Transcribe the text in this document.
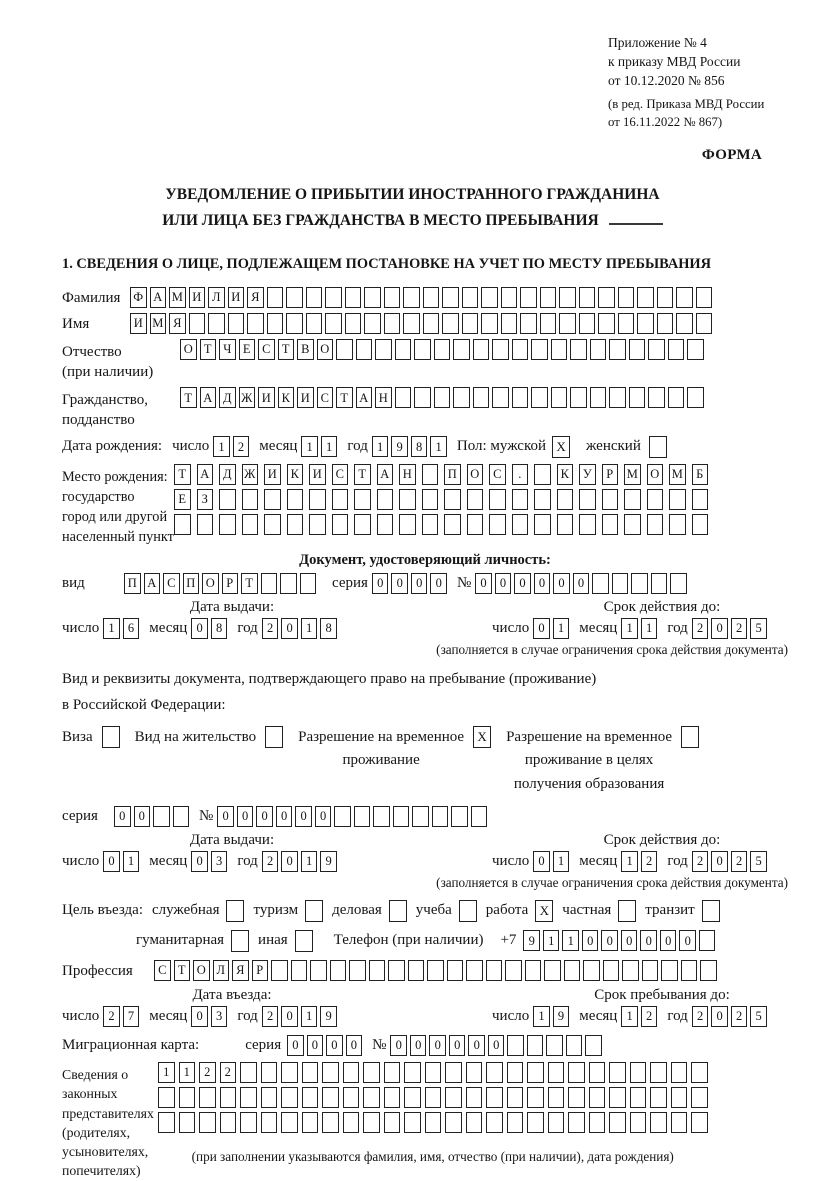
Приложение № 4
к приказу МВД России
от 10.12.2020 № 856
(в ред. Приказа МВД России
от 16.11.2022 № 867)
ФОРМА
УВЕДОМЛЕНИЕ О ПРИБЫТИИ ИНОСТРАННОГО ГРАЖДАНИНА
ИЛИ ЛИЦА БЕЗ ГРАЖДАНСТВА В МЕСТО ПРЕБЫВАНИЯ
1. СВЕДЕНИЯ О ЛИЦЕ, ПОДЛЕЖАЩЕМ ПОСТАНОВКЕ НА УЧЕТ ПО МЕСТУ ПРЕБЫВАНИЯ
Фамилия	Ф А М И Л И Я
Имя	И М Я
Отчество
(при наличии)
О Т Ч Е С Т В О
Гражданство,
подданство
Т А Д Ж И К И С Т А Н
Дата рождения: число 1	2	месяц 1	1	год 1	9	8	1	Пол: мужской X женский
Место рождения:
государство
город или другой
населенный пункт
Т	А	Д	Ж И	К	И	С	Т	А Н	П О	С	.	К	У	Р	М О М	Б
Е	З
Документ, удостоверяющий личность:
вид	П А С П О Р Т	серия 0	0	0	0	№ 0	0	0	0	0	0
Дата выдачи:	Срок действия до:
число 1	6	месяц 0	8	год 2	0	1	8	число 0	1	месяц 1	1	год 2	0	2	5
(заполняется в случае ограничения срока действия документа)
Вид и реквизиты документа, подтверждающего право на пребывание (проживание)
в Российской Федерации:
Виза	Вид на жительство	Разрешение на временное
проживание
X Разрешение на временное
проживание в целях
получения образования
серия	0	0	№ 0	0	0	0	0	0
Дата выдачи:	Срок действия до:
число 0	1	месяц 0	3	год 2	0	1	9	число 0	1	месяц 1	2	год 2	0	2	5
(заполняется в случае ограничения срока действия документа)
Цель въезда: служебная туризм деловая учеба работа X частная транзит
гуманитарная иная	Телефон (при наличии) +7 9	1	1	0	0	0	0	0	0
Профессия	С Т О Л Я Р
Дата въезда:	Срок пребывания до:
число 2	7	месяц 0	3	год 2	0	1	9	число 1	9	месяц 1	2	год 2	0	2	5
Миграционная карта:	серия 0	0	0	0	№ 0	0	0	0	0	0
Сведения о
законных
представителях
(родителях,
усыновителях,
попечителях)
1	1	2	2
(при заполнении указываются фамилия, имя, отчество (при наличии), дата рождения)
